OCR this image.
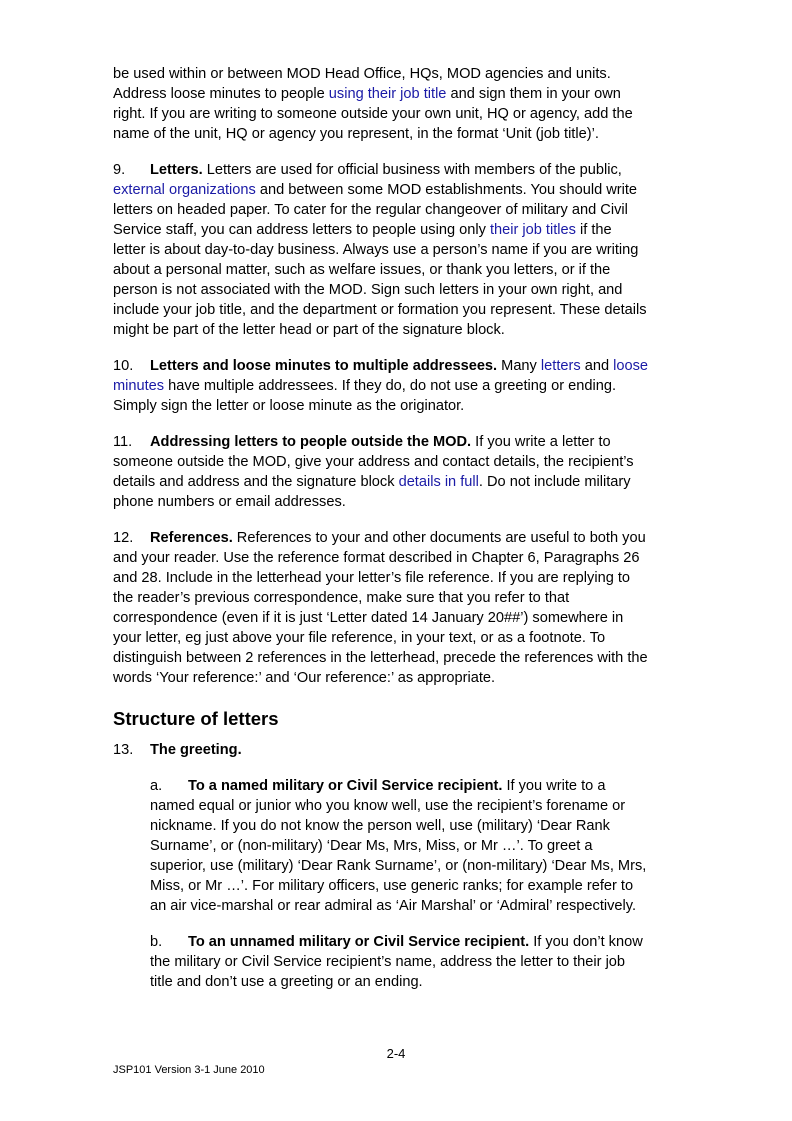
be used within or between MOD Head Office, HQs, MOD agencies and units. Address loose minutes to people using their job title and sign them in your own right. If you are writing to someone outside your own unit, HQ or agency, add the name of the unit, HQ or agency you represent, in the format ‘Unit (job title)’.

9. Letters. Letters are used for official business with members of the public, external organizations and between some MOD establishments. You should write letters on headed paper. To cater for the regular changeover of military and Civil Service staff, you can address letters to people using only their job titles if the letter is about day-to-day business. Always use a person’s name if you are writing about a personal matter, such as welfare issues, or thank you letters, or if the person is not associated with the MOD. Sign such letters in your own right, and include your job title, and the department or formation you represent. These details might be part of the letter head or part of the signature block.

10. Letters and loose minutes to multiple addressees. Many letters and loose minutes have multiple addressees. If they do, do not use a greeting or ending. Simply sign the letter or loose minute as the originator.

11. Addressing letters to people outside the MOD. If you write a letter to someone outside the MOD, give your address and contact details, the recipient’s details and address and the signature block details in full. Do not include military phone numbers or email addresses.

12. References. References to your and other documents are useful to both you and your reader. Use the reference format described in Chapter 6, Paragraphs 26 and 28. Include in the letterhead your letter’s file reference. If you are replying to the reader’s previous correspondence, make sure that you refer to that correspondence (even if it is just ‘Letter dated 14 January 20##’) somewhere in your letter, eg just above your file reference, in your text, or as a footnote. To distinguish between 2 references in the letterhead, precede the references with the words ‘Your reference:’ and ‘Our reference:’ as appropriate.

Structure of letters

13. The greeting.

a. To a named military or Civil Service recipient. If you write to a named equal or junior who you know well, use the recipient’s forename or nickname. If you do not know the person well, use (military) ‘Dear Rank Surname’, or (non-military) ‘Dear Ms, Mrs, Miss, or Mr …’. To greet a superior, use (military) ‘Dear Rank Surname’, or (non-military) ‘Dear Ms, Mrs, Miss, or Mr …’. For military officers, use generic ranks; for example refer to an air vice-marshal or rear admiral as ‘Air Marshal’ or ‘Admiral’ respectively.

b. To an unnamed military or Civil Service recipient. If you don’t know the military or Civil Service recipient’s name, address the letter to their job title and don’t use a greeting or an ending.

2-4
JSP101 Version 3-1 June 2010
